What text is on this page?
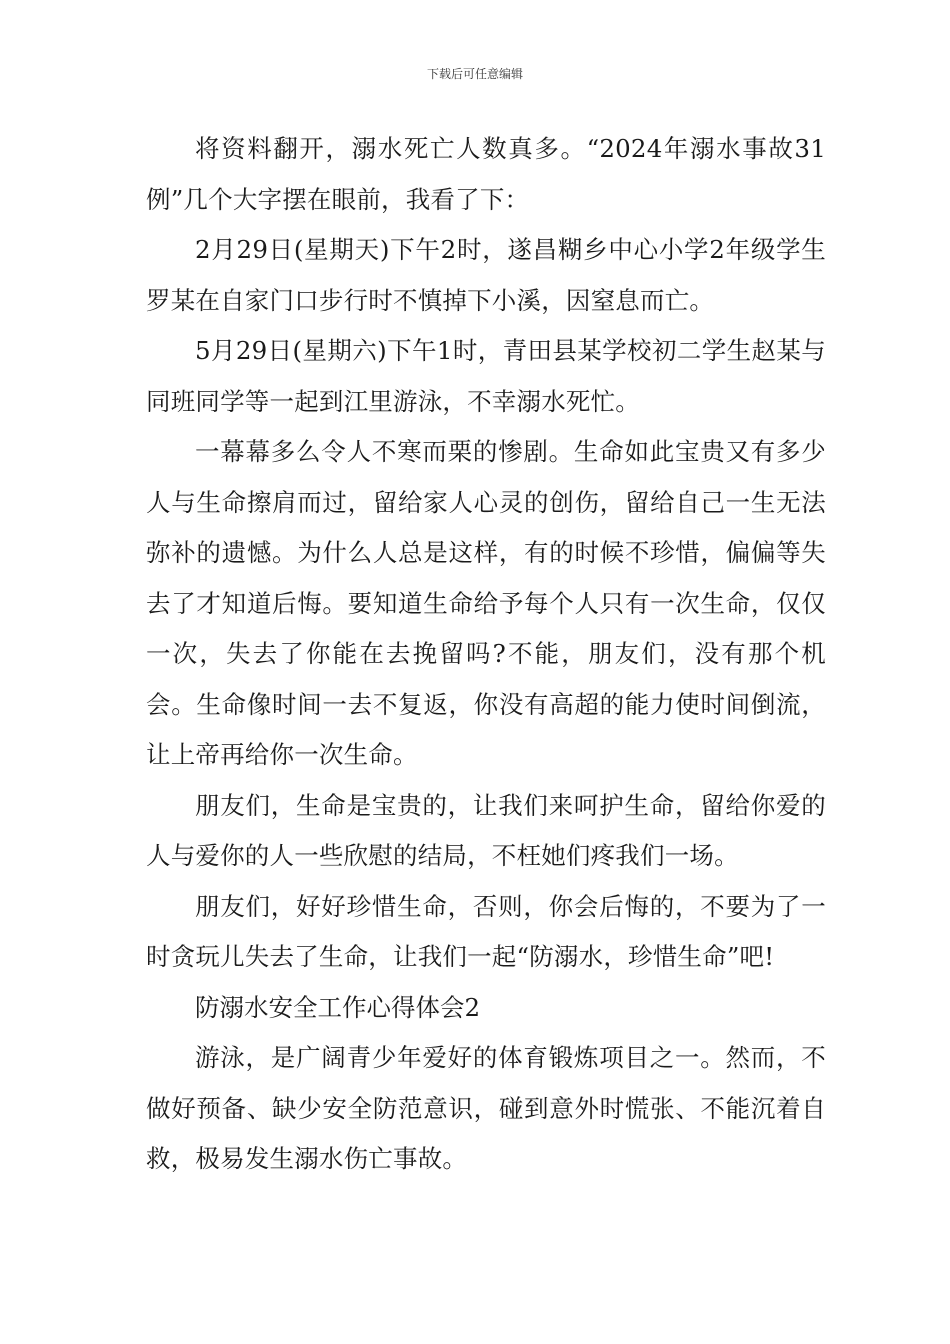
下载后可任意编辑

将资料翻开，溺水死亡人数真多。“2024年溺水事故31例”几个大字摆在眼前，我看了下：

2月29日(星期天)下午2时，遂昌糊乡中心小学2年级学生罗某在自家门口步行时不慎掉下小溪，因窒息而亡。

5月29日(星期六)下午1时，青田县某学校初二学生赵某与同班同学等一起到江里游泳，不幸溺水死忙。

一幕幕多么令人不寒而栗的惨剧。生命如此宝贵又有多少人与生命擦肩而过，留给家人心灵的创伤，留给自己一生无法弥补的遗憾。为什么人总是这样，有的时候不珍惜，偏偏等失去了才知道后悔。要知道生命给予每个人只有一次生命，仅仅一次，失去了你能在去挽留吗?不能，朋友们，没有那个机会。生命像时间一去不复返，你没有高超的能力使时间倒流，让上帝再给你一次生命。

朋友们，生命是宝贵的，让我们来呵护生命，留给你爱的人与爱你的人一些欣慰的结局，不枉她们疼我们一场。

朋友们，好好珍惜生命，否则，你会后悔的，不要为了一时贪玩儿失去了生命，让我们一起“防溺水，珍惜生命”吧!

防溺水安全工作心得体会2

游泳，是广阔青少年爱好的体育锻炼项目之一。然而，不做好预备、缺少安全防范意识，碰到意外时慌张、不能沉着自救，极易发生溺水伤亡事故。
